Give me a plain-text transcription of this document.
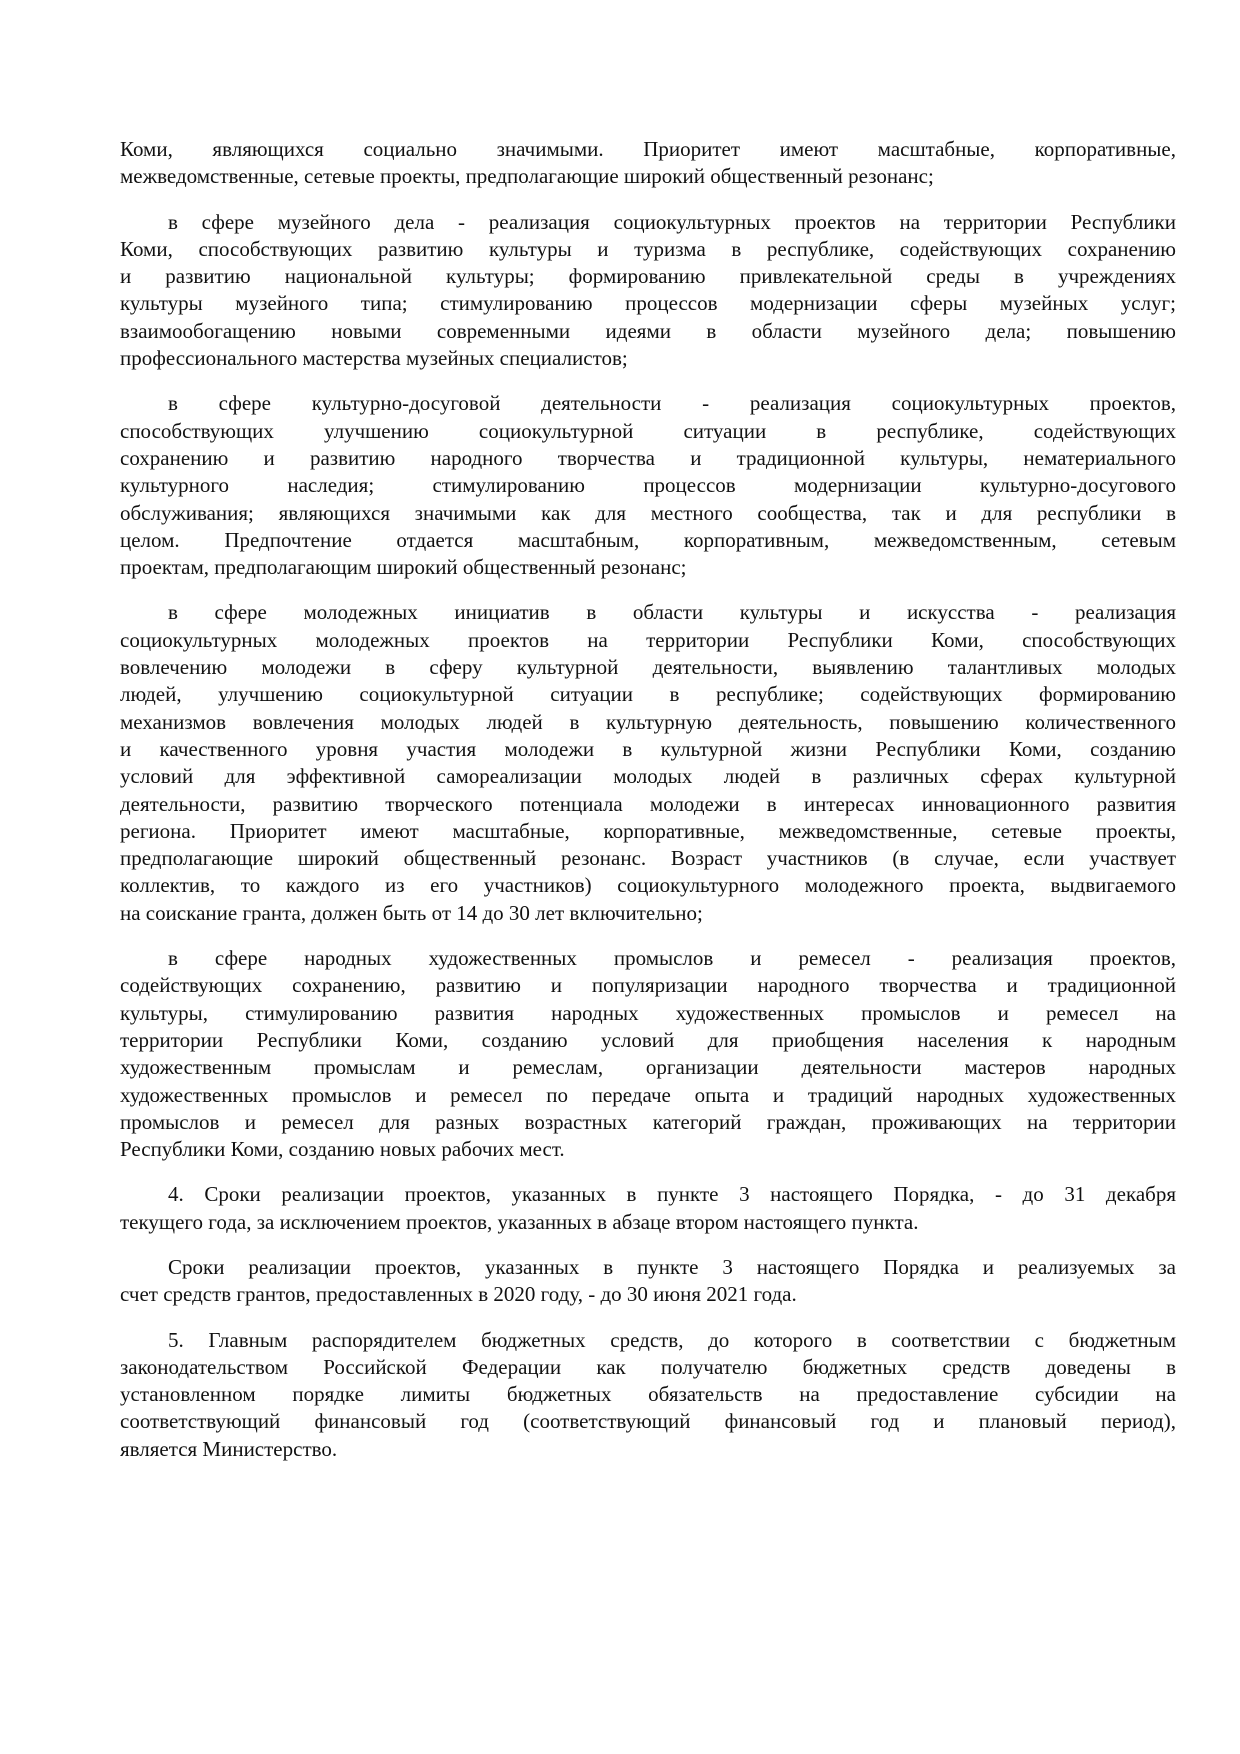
Коми, являющихся социально значимыми. Приоритет имеют масштабные, корпоративные,
межведомственные, сетевые проекты, предполагающие широкий общественный резонанс;
в сфере музейного дела - реализация социокультурных проектов на территории Республики
Коми, способствующих развитию культуры и туризма в республике, содействующих сохранению
и развитию национальной культуры; формированию привлекательной среды в учреждениях
культуры музейного типа; стимулированию процессов модернизации сферы музейных услуг;
взаимообогащению новыми современными идеями в области музейного дела; повышению
профессионального мастерства музейных специалистов;
в сфере культурно-досуговой деятельности - реализация социокультурных проектов,
способствующих улучшению социокультурной ситуации в республике, содействующих
сохранению и развитию народного творчества и традиционной культуры, нематериального
культурного наследия; стимулированию процессов модернизации культурно-досугового
обслуживания; являющихся значимыми как для местного сообщества, так и для республики в
целом. Предпочтение отдается масштабным, корпоративным, межведомственным, сетевым
проектам, предполагающим широкий общественный резонанс;
в сфере молодежных инициатив в области культуры и искусства - реализация
социокультурных молодежных проектов на территории Республики Коми, способствующих
вовлечению молодежи в сферу культурной деятельности, выявлению талантливых молодых
людей, улучшению социокультурной ситуации в республике; содействующих формированию
механизмов вовлечения молодых людей в культурную деятельность, повышению количественного
и качественного уровня участия молодежи в культурной жизни Республики Коми, созданию
условий для эффективной самореализации молодых людей в различных сферах культурной
деятельности, развитию творческого потенциала молодежи в интересах инновационного развития
региона. Приоритет имеют масштабные, корпоративные, межведомственные, сетевые проекты,
предполагающие широкий общественный резонанс. Возраст участников (в случае, если участвует
коллектив, то каждого из его участников) социокультурного молодежного проекта, выдвигаемого
на соискание гранта, должен быть от 14 до 30 лет включительно;
в сфере народных художественных промыслов и ремесел - реализация проектов,
содействующих сохранению, развитию и популяризации народного творчества и традиционной
культуры, стимулированию развития народных художественных промыслов и ремесел на
территории Республики Коми, созданию условий для приобщения населения к народным
художественным промыслам и ремеслам, организации деятельности мастеров народных
художественных промыслов и ремесел по передаче опыта и традиций народных художественных
промыслов и ремесел для разных возрастных категорий граждан, проживающих на территории
Республики Коми, созданию новых рабочих мест.
4. Сроки реализации проектов, указанных в пункте 3 настоящего Порядка, - до 31 декабря
текущего года, за исключением проектов, указанных в абзаце втором настоящего пункта.
Сроки реализации проектов, указанных в пункте 3 настоящего Порядка и реализуемых за
счет средств грантов, предоставленных в 2020 году, - до 30 июня 2021 года.
5. Главным распорядителем бюджетных средств, до которого в соответствии с бюджетным
законодательством Российской Федерации как получателю бюджетных средств доведены в
установленном порядке лимиты бюджетных обязательств на предоставление субсидии на
соответствующий финансовый год (соответствующий финансовый год и плановый период),
является Министерство.
